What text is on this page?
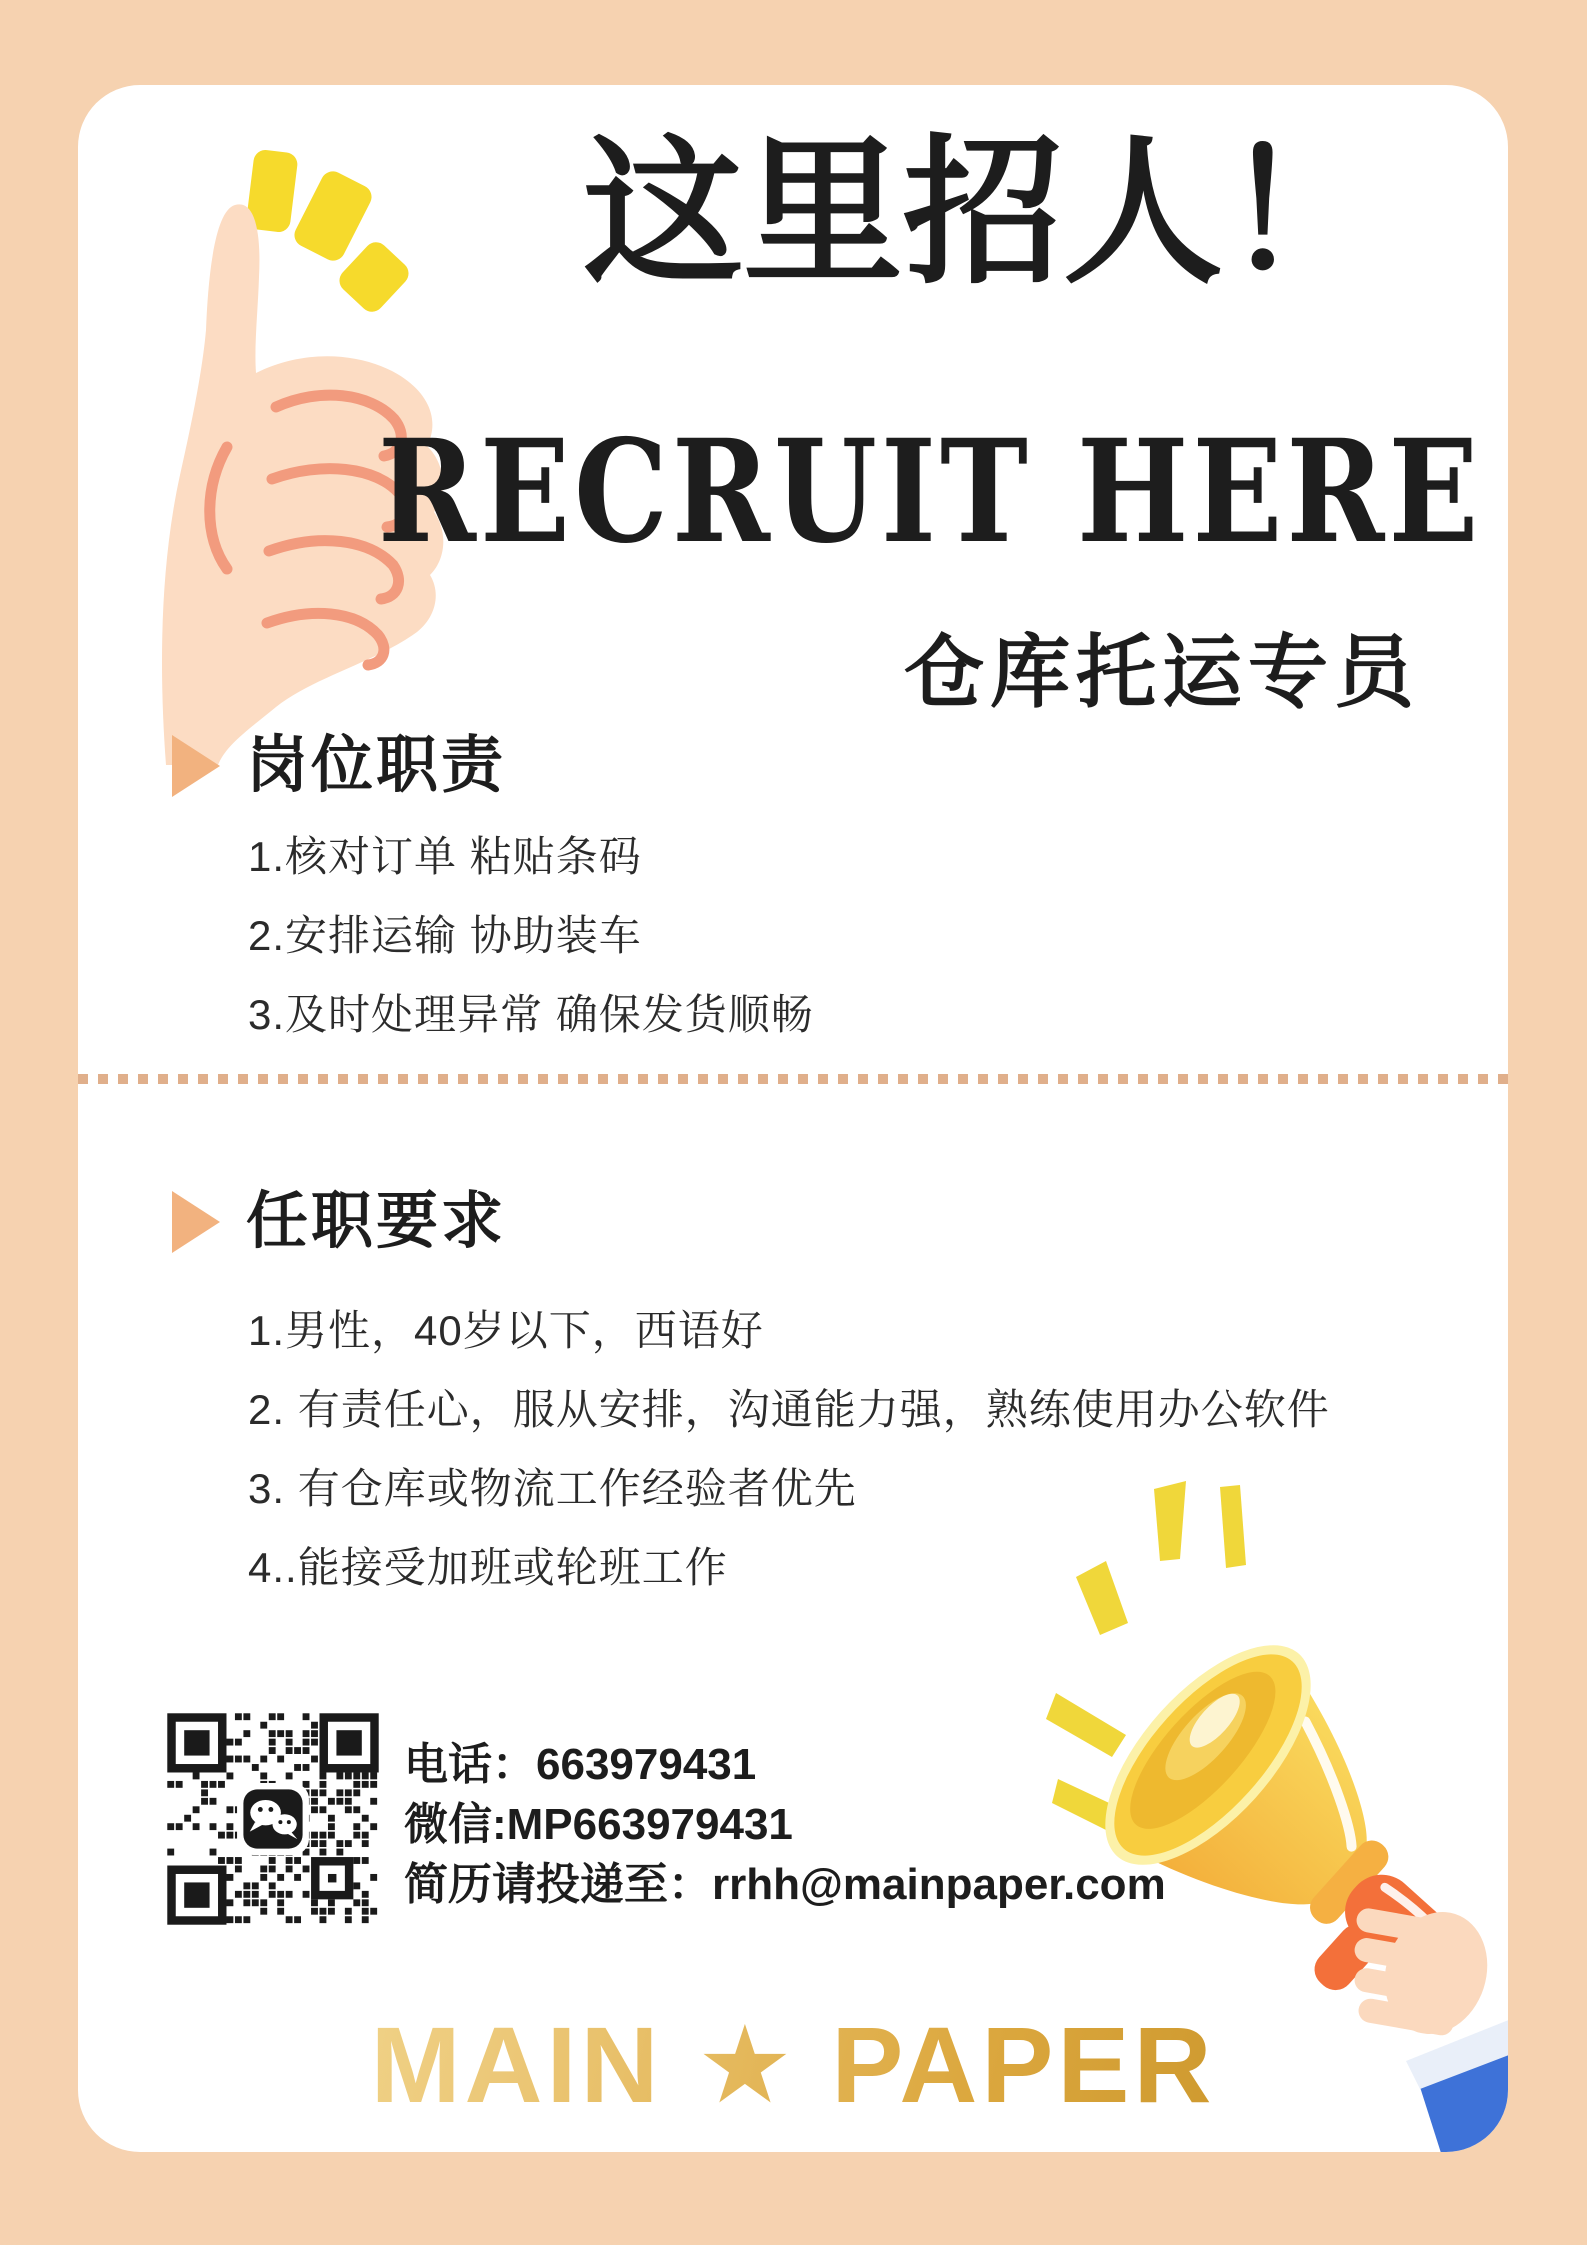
这里招人！
RECRUIT HERE
仓库托运专员
岗位职责
1.核对订单 粘贴条码
2.安排运输 协助装车
3.及时处理异常 确保发货顺畅
任职要求
1.男性，40岁以下，西语好
2. 有责任心，服从安排，沟通能力强，熟练使用办公软件
3. 有仓库或物流工作经验者优先
4..能接受加班或轮班工作
电话：663979431
微信:MP663979431
简历请投递至：rrhh@mainpaper.com
MAIN ★ PAPER
